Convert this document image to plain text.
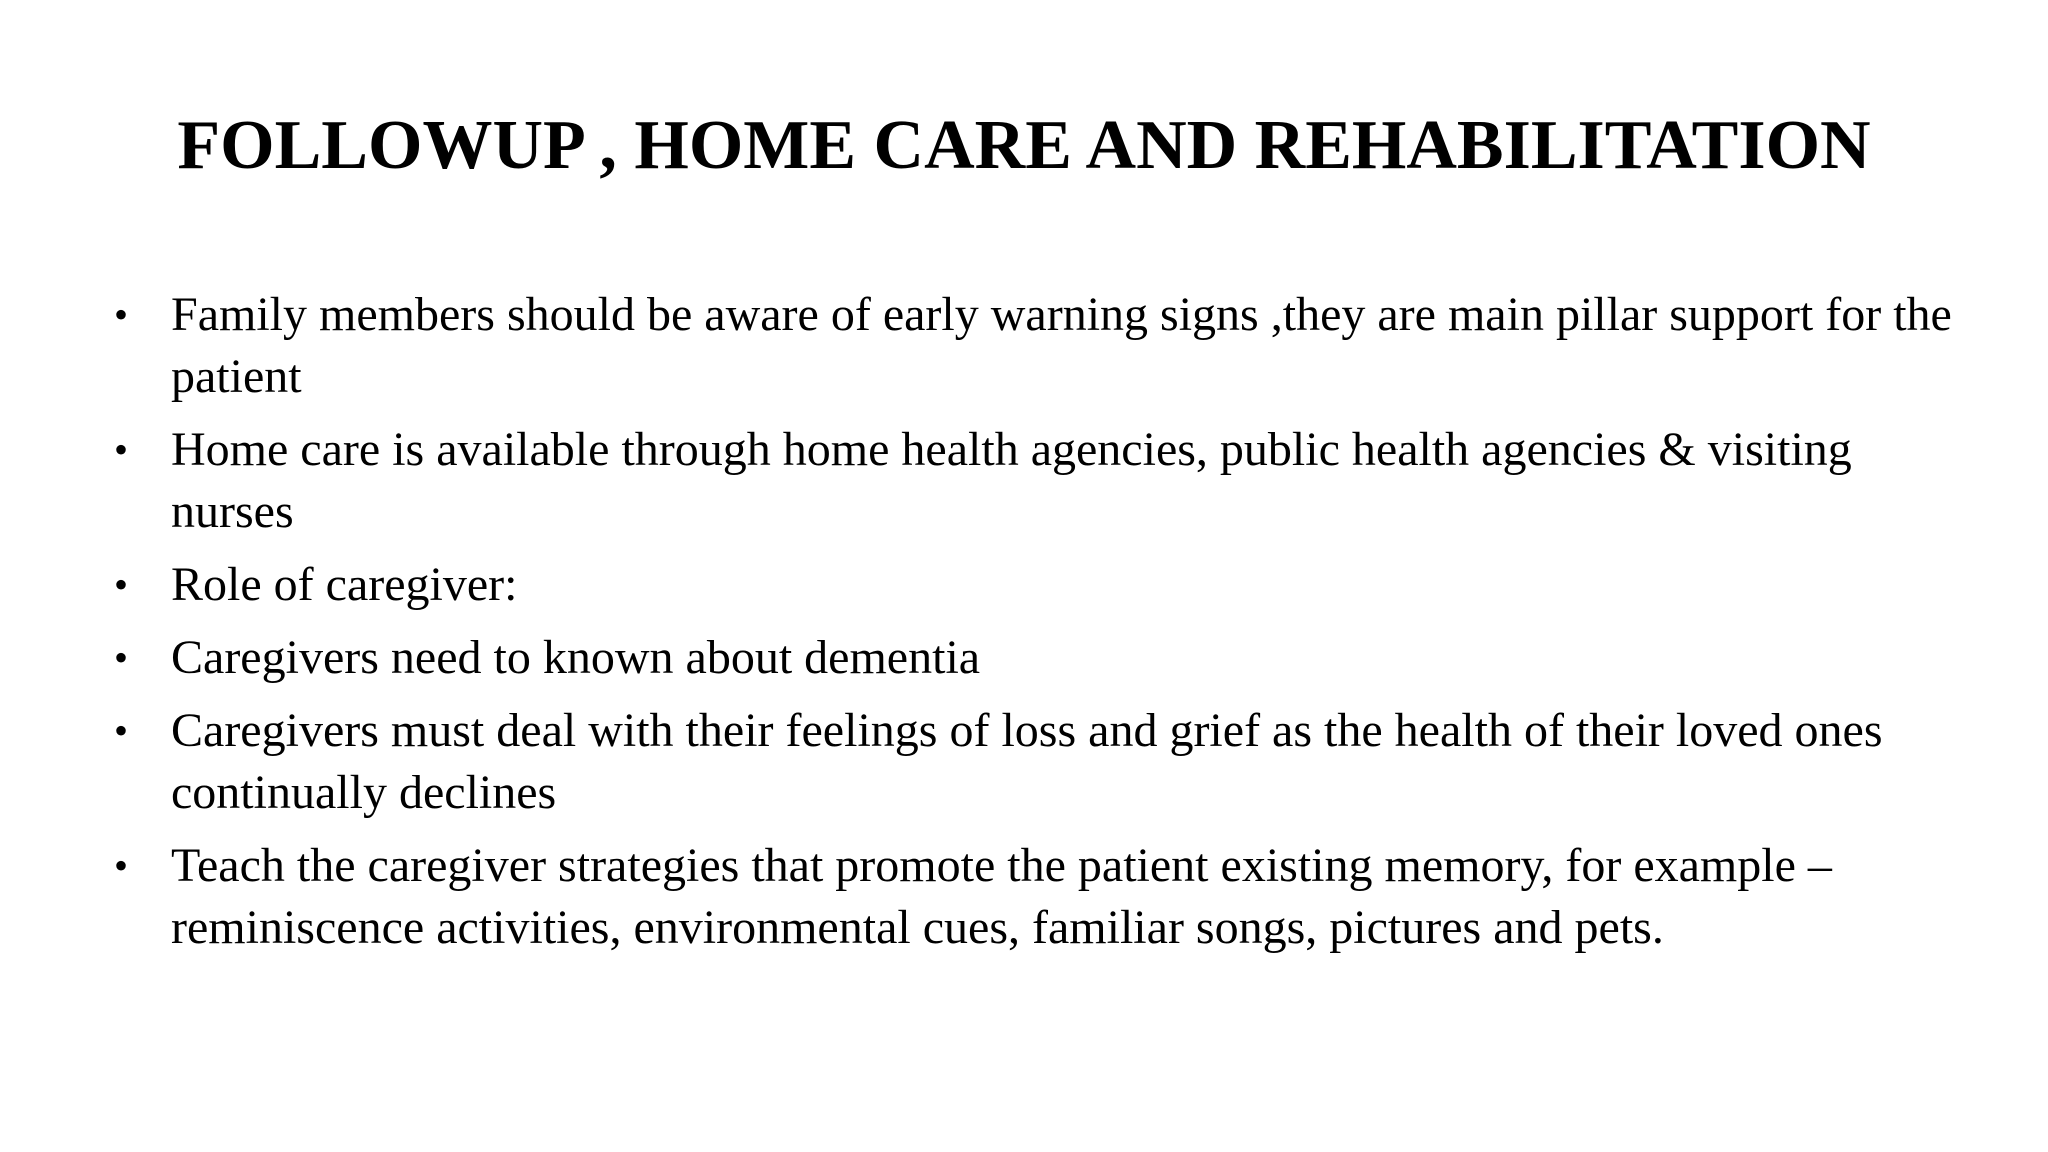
FOLLOWUP , HOME CARE AND REHABILITATION
• Family members should be aware of early warning signs ,they are main pillar support for the patient
• Home care is available through home health agencies, public health agencies & visiting nurses
• Role of caregiver:
• Caregivers need to known about dementia
• Caregivers must deal with their feelings of loss and grief as the health of their loved ones continually declines
• Teach the caregiver strategies that promote the patient existing memory, for example – reminiscence activities, environmental cues, familiar songs, pictures and pets.
